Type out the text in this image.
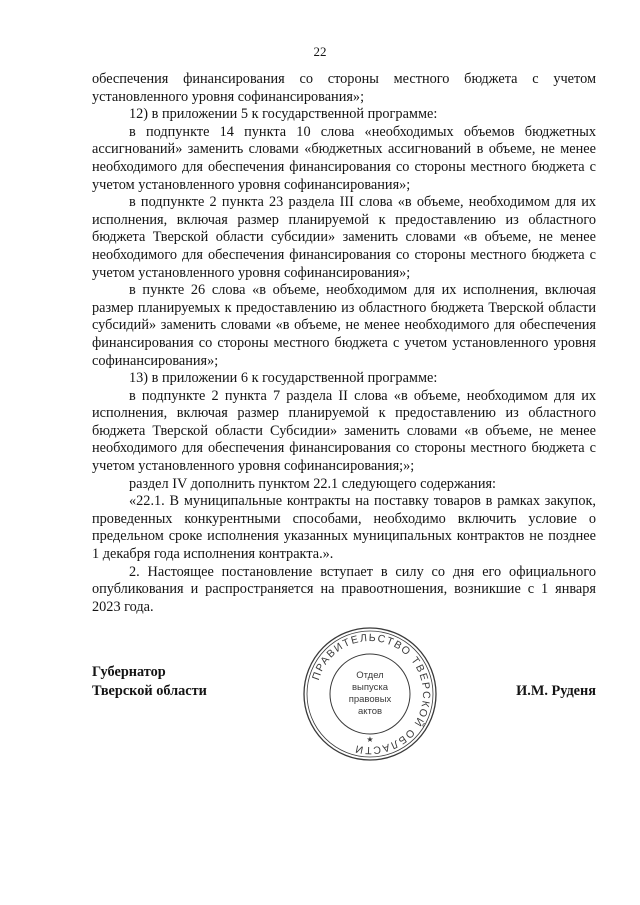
22

обеспечения финансирования со стороны местного бюджета с учетом установленного уровня софинансирования»;

12) в приложении 5 к государственной программе:

в подпункте 14 пункта 10 слова «необходимых объемов бюджетных ассигнований» заменить словами «бюджетных ассигнований в объеме, не менее необходимого для обеспечения финансирования со стороны местного бюджета с учетом установленного уровня софинансирования»;

в подпункте 2 пункта 23 раздела III слова «в объеме, необходимом для их исполнения, включая размер планируемой к предоставлению из областного бюджета Тверской области субсидии» заменить словами «в объеме, не менее необходимого для обеспечения финансирования со стороны местного бюджета с учетом установленного уровня софинансирования»;

в пункте 26 слова «в объеме, необходимом для их исполнения, включая размер планируемых к предоставлению из областного бюджета Тверской области субсидий» заменить словами «в объеме, не менее необходимого для обеспечения финансирования со стороны местного бюджета с учетом установленного уровня софинансирования»;

13) в приложении 6 к государственной программе:

в подпункте 2 пункта 7 раздела II слова «в объеме, необходимом для их исполнения, включая размер планируемой к предоставлению из областного бюджета Тверской области Субсидии» заменить словами «в объеме, не менее необходимого для обеспечения финансирования со стороны местного бюджета с учетом установленного уровня софинансирования;»;

раздел IV дополнить пунктом 22.1 следующего содержания:

«22.1. В муниципальные контракты на поставку товаров в рамках закупок, проведенных конкурентными способами, необходимо включить условие о предельном сроке исполнения указанных муниципальных контрактов не позднее 1 декабря года исполнения контракта.».

2. Настоящее постановление вступает в силу со дня его официального опубликования и распространяется на правоотношения, возникшие с 1 января 2023 года.

Губернатор
Тверской области	И.М. Руденя
ПРАВИТЕЛЬСТВО ТВЕРСКОЙ ОБЛАСТИ
★
Отдел
выпуска
правовых
актов
